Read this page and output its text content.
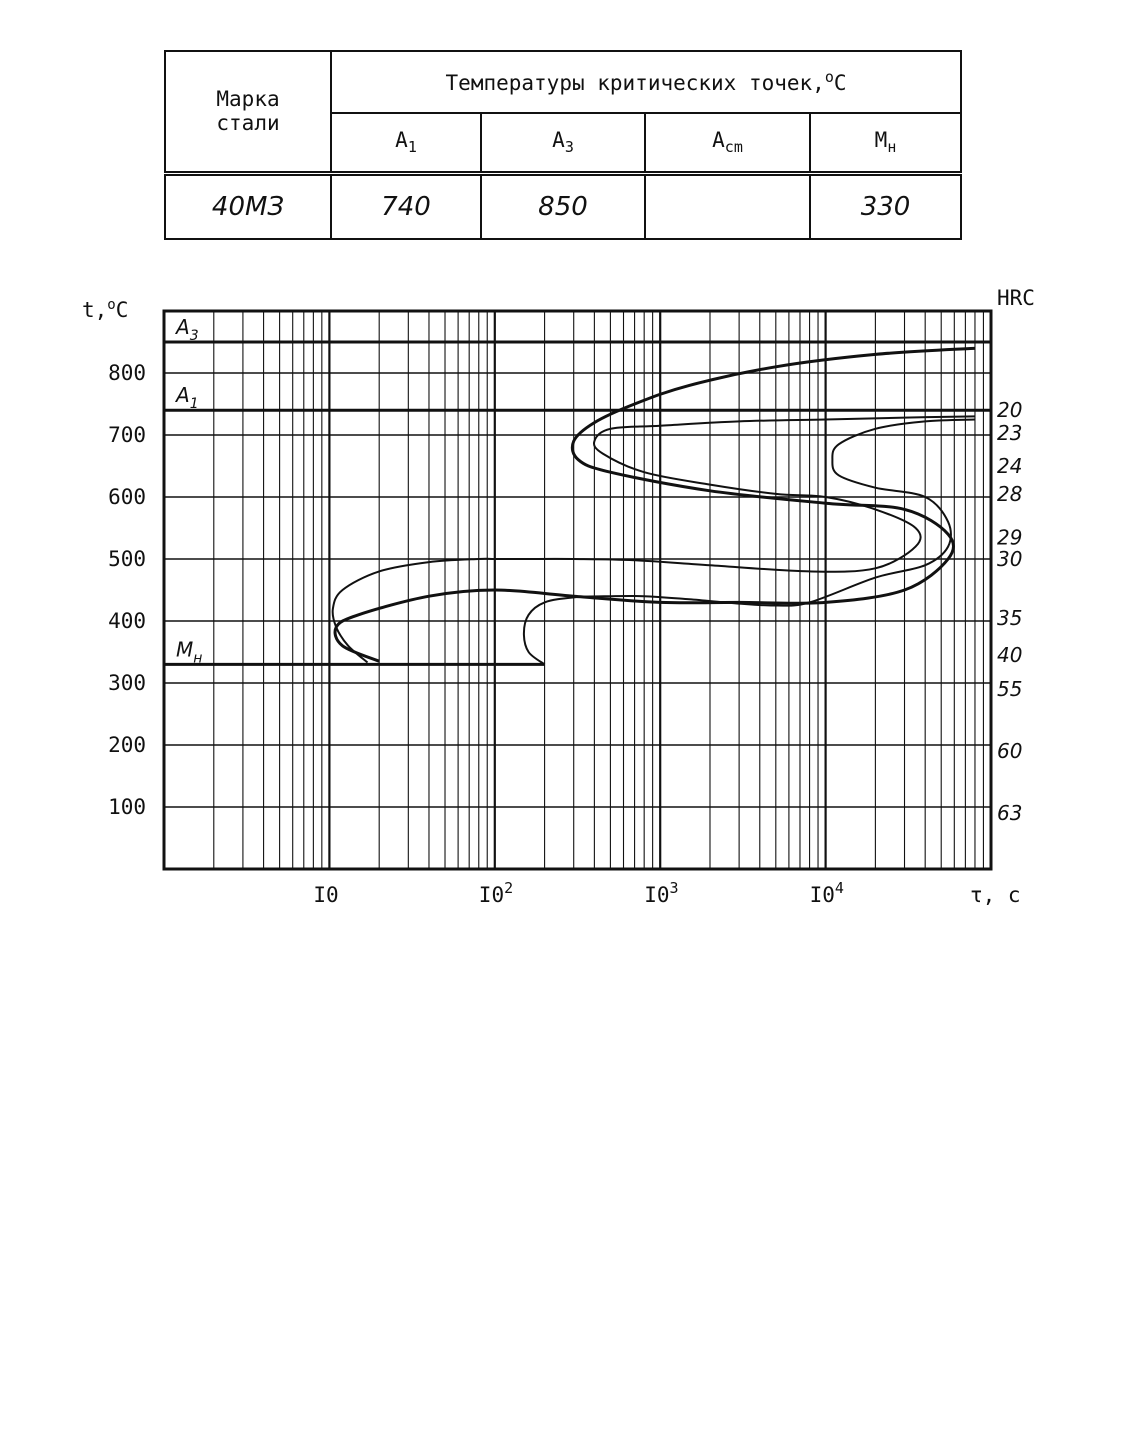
Марка
стали	Температуры критических точек,$^o$C			
	$A_1$	$A_3$	$A_{cm}$	$M_н$
40МЗ	740	850		330
$A_3$
$A_1$
$M_н$
800
700
600
500
400
300
200
100
I0	$I0^2$	$I0^3$	$I0^4$
20
23
24
28
29
30
35
40
55
60
63
t,$^o$C	HRC
τ, с
